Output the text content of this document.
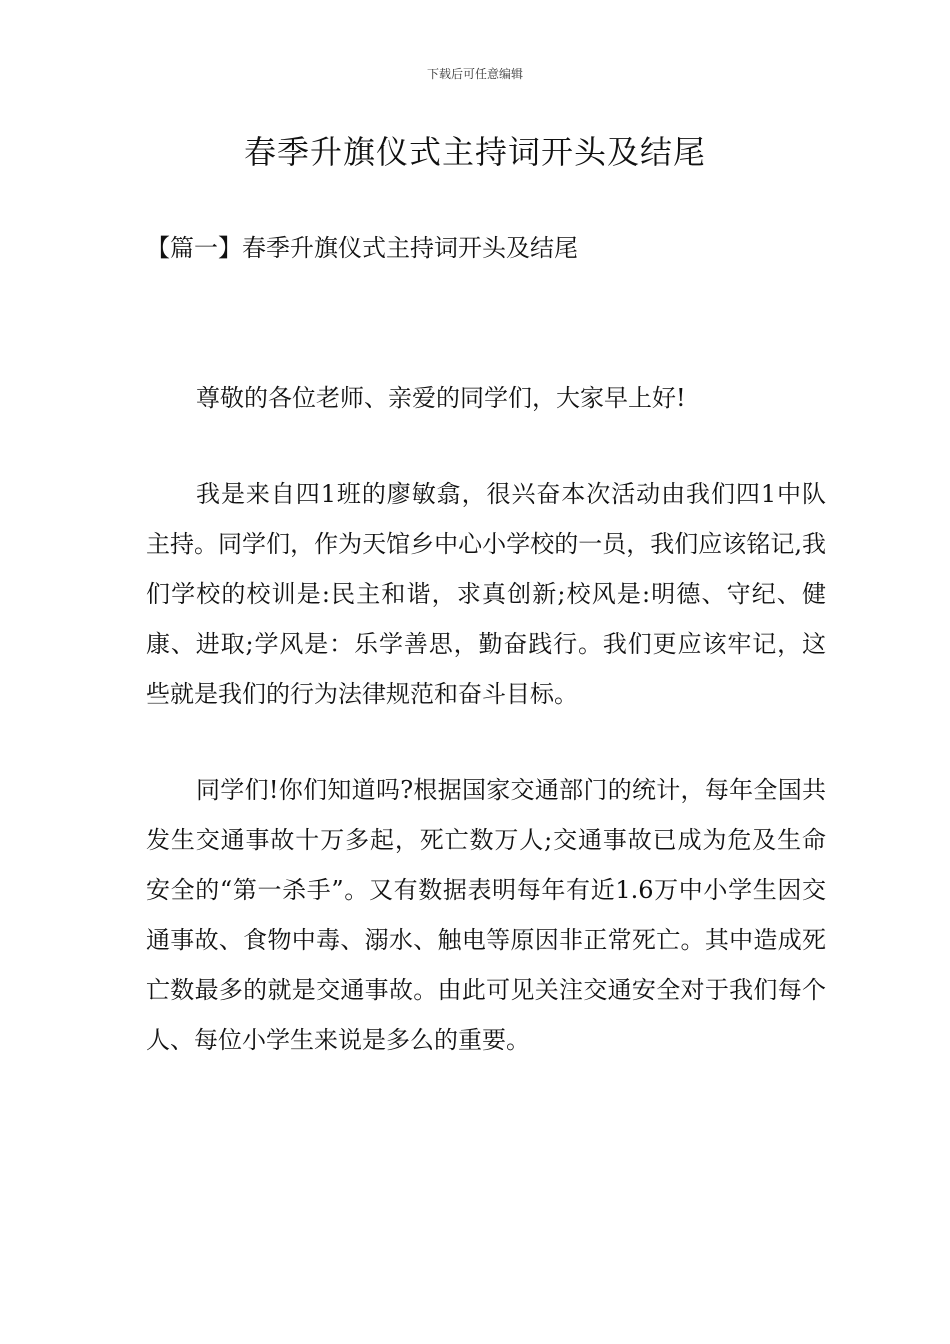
下载后可任意编辑
春季升旗仪式主持词开头及结尾
【篇一】春季升旗仪式主持词开头及结尾

尊敬的各位老师、亲爱的同学们，大家早上好!

我是来自四1班的廖敏翕，很兴奋本次活动由我们四1中队主持。同学们，作为天馆乡中心小学校的一员，我们应该铭记,我们学校的校训是:民主和谐，求真创新;校风是:明德、守纪、健康、进取;学风是：乐学善思，勤奋践行。我们更应该牢记，这些就是我们的行为法律规范和奋斗目标。

同学们!你们知道吗?根据国家交通部门的统计，每年全国共发生交通事故十万多起，死亡数万人;交通事故已成为危及生命安全的“第一杀手”。又有数据表明每年有近1.6万中小学生因交通事故、食物中毒、溺水、触电等原因非正常死亡。其中造成死亡数最多的就是交通事故。由此可见关注交通安全对于我们每个人、每位小学生来说是多么的重要。
